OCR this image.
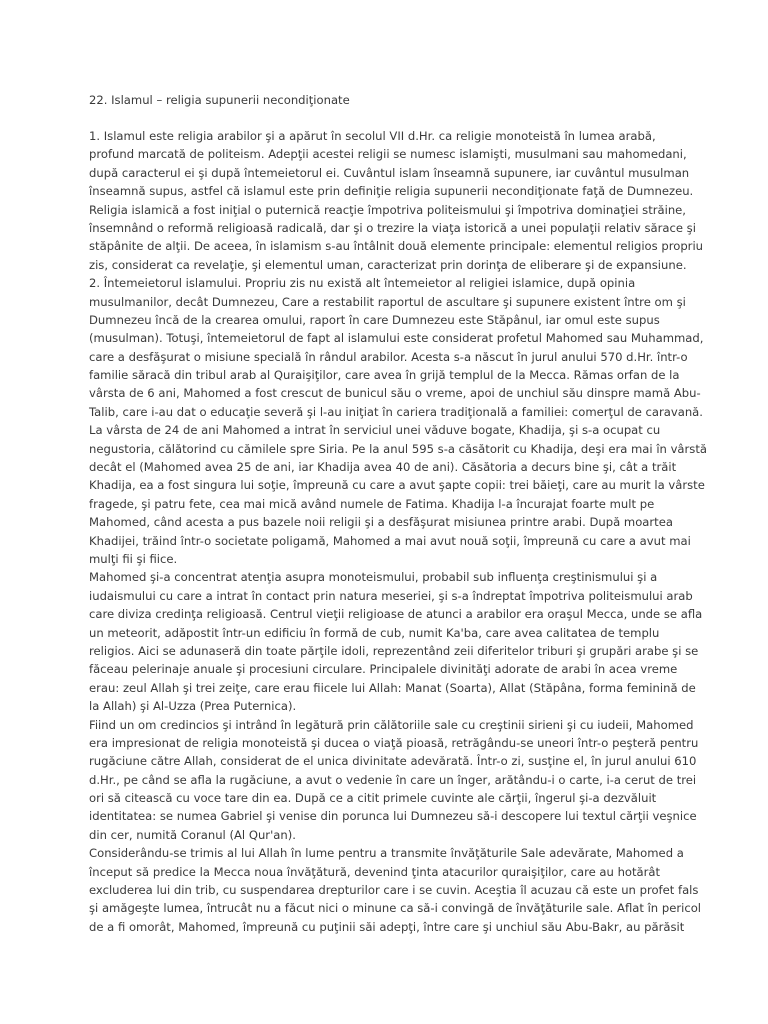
22. Islamul – religia supunerii necondiţionate

1. Islamul este religia arabilor şi a apărut în secolul VII d.Hr. ca religie monoteistă în lumea arabă,
profund marcată de politeism. Adepţii acestei religii se numesc islamişti, musulmani sau mahomedani,
după caracterul ei şi după întemeietorul ei. Cuvântul islam înseamnă supunere, iar cuvântul musulman
înseamnă supus, astfel că islamul este prin definiţie religia supunerii necondiţionate faţă de Dumnezeu.
Religia islamică a fost iniţial o puternică reacţie împotriva politeismului şi împotriva dominaţiei străine,
însemnând o reformă religioasă radicală, dar şi o trezire la viaţa istorică a unei populaţii relativ sărace şi
stăpânite de alţii. De aceea, în islamism s-au întâlnit două elemente principale: elementul religios propriu
zis, considerat ca revelaţie, şi elementul uman, caracterizat prin dorinţa de eliberare şi de expansiune.

2. Întemeietorul islamului. Propriu zis nu există alt întemeietor al religiei islamice, după opinia
musulmanilor, decât Dumnezeu, Care a restabilit raportul de ascultare şi supunere existent între om şi
Dumnezeu încă de la crearea omului, raport în care Dumnezeu este Stăpânul, iar omul este supus
(musulman). Totuşi, întemeietorul de fapt al islamului este considerat profetul Mahomed sau Muhammad,
care a desfăşurat o misiune specială în rândul arabilor. Acesta s-a născut în jurul anului 570 d.Hr. într-o
familie săracă din tribul arab al Quraişiţilor, care avea în grijă templul de la Mecca. Rămas orfan de la
vârsta de 6 ani, Mahomed a fost crescut de bunicul său o vreme, apoi de unchiul său dinspre mamă Abu-
Talib, care i-au dat o educaţie severă şi l-au iniţiat în cariera tradiţională a familiei: comerţul de caravană.
La vârsta de 24 de ani Mahomed a intrat în serviciul unei văduve bogate, Khadija, şi s-a ocupat cu
negustoria, călătorind cu cămilele spre Siria. Pe la anul 595 s-a căsătorit cu Khadija, deşi era mai în vârstă
decât el (Mahomed avea 25 de ani, iar Khadija avea 40 de ani). Căsătoria a decurs bine şi, cât a trăit
Khadija, ea a fost singura lui soţie, împreună cu care a avut şapte copii: trei băieţi, care au murit la vârste
fragede, şi patru fete, cea mai mică având numele de Fatima. Khadija l-a încurajat foarte mult pe
Mahomed, când acesta a pus bazele noii religii şi a desfăşurat misiunea printre arabi. După moartea
Khadijei, trăind într-o societate poligamă, Mahomed a mai avut nouă soţii, împreună cu care a avut mai
mulţi fii şi fiice.

Mahomed şi-a concentrat atenţia asupra monoteismului, probabil sub influenţa creştinismului şi a
iudaismului cu care a intrat în contact prin natura meseriei, şi s-a îndreptat împotriva politeismului arab
care diviza credinţa religioasă. Centrul vieţii religioase de atunci a arabilor era oraşul Mecca, unde se afla
un meteorit, adăpostit într-un edificiu în formă de cub, numit Ka'ba, care avea calitatea de templu
religios. Aici se adunaseră din toate părţile idoli, reprezentând zeii diferitelor triburi şi grupări arabe şi se
făceau pelerinaje anuale şi procesiuni circulare. Principalele divinităţi adorate de arabi în acea vreme
erau: zeul Allah şi trei zeiţe, care erau fiicele lui Allah: Manat (Soarta), Allat (Stăpâna, forma feminină de
la Allah) şi Al-Uzza (Prea Puternica).

Fiind un om credincios şi intrând în legătură prin călătoriile sale cu creştinii sirieni şi cu iudeii, Mahomed
era impresionat de religia monoteistă şi ducea o viaţă pioasă, retrăgându-se uneori într-o peşteră pentru
rugăciune către Allah, considerat de el unica divinitate adevărată. Într-o zi, susţine el, în jurul anului 610
d.Hr., pe când se afla la rugăciune, a avut o vedenie în care un înger, arătându-i o carte, i-a cerut de trei
ori să citească cu voce tare din ea. După ce a citit primele cuvinte ale cărţii, îngerul şi-a dezvăluit
identitatea: se numea Gabriel şi venise din porunca lui Dumnezeu să-i descopere lui textul cărţii veşnice
din cer, numită Coranul (Al Qur'an).

Considerându-se trimis al lui Allah în lume pentru a transmite învăţăturile Sale adevărate, Mahomed a
început să predice la Mecca noua învăţătură, devenind ţinta atacurilor quraişiţilor, care au hotărât
excluderea lui din trib, cu suspendarea drepturilor care i se cuvin. Aceştia îl acuzau că este un profet fals
şi amăgeşte lumea, întrucât nu a făcut nici o minune ca să-i convingă de învăţăturile sale. Aflat în pericol
de a fi omorât, Mahomed, împreună cu puţinii săi adepţi, între care şi unchiul său Abu-Bakr, au părăsit
